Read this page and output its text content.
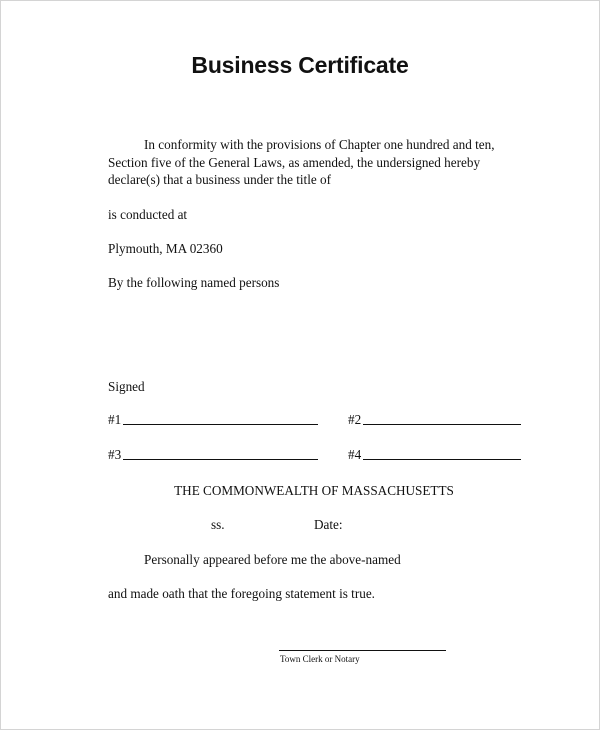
Business Certificate
In conformity with the provisions of Chapter one hundred and ten, Section five of the General Laws, as amended, the undersigned hereby declare(s) that a business under the title of
is conducted at
Plymouth, MA 02360
By the following named persons
Signed
#1	#2
#3	#4
THE COMMONWEALTH OF MASSACHUSETTS
ss.	Date:
Personally appeared before me the above-named
and made oath that the foregoing statement is true.
Town Clerk or Notary
